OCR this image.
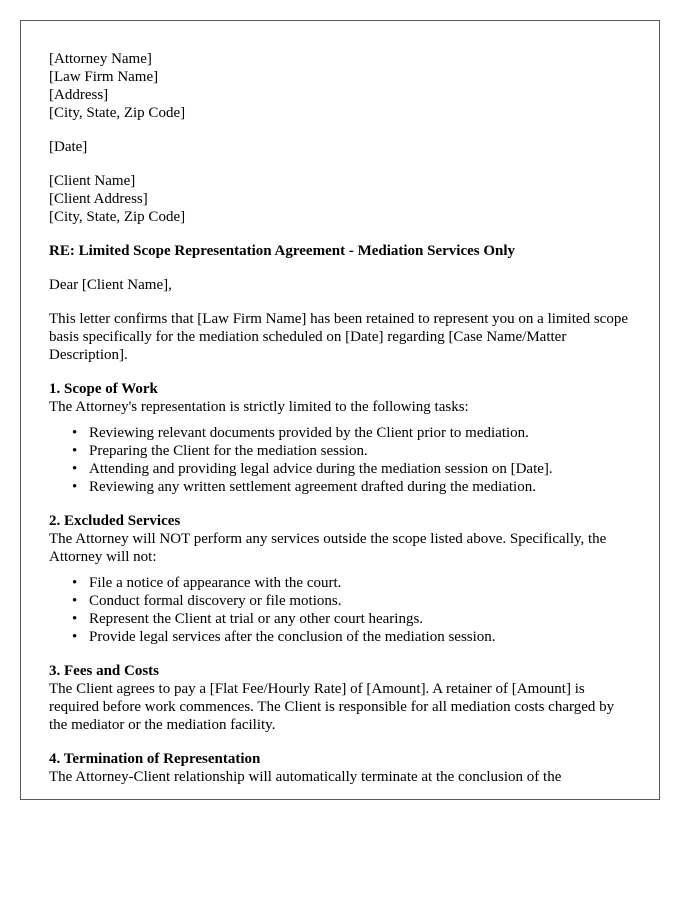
[Attorney Name]
[Law Firm Name]
[Address]
[City, State, Zip Code]
[Date]
[Client Name]
[Client Address]
[City, State, Zip Code]
RE: Limited Scope Representation Agreement - Mediation Services Only
Dear [Client Name],
This letter confirms that [Law Firm Name] has been retained to represent you on a limited scope basis specifically for the mediation scheduled on [Date] regarding [Case Name/Matter Description].
1. Scope of Work
The Attorney's representation is strictly limited to the following tasks:
• Reviewing relevant documents provided by the Client prior to mediation.
• Preparing the Client for the mediation session.
• Attending and providing legal advice during the mediation session on [Date].
• Reviewing any written settlement agreement drafted during the mediation.
2. Excluded Services
The Attorney will NOT perform any services outside the scope listed above. Specifically, the Attorney will not:
• File a notice of appearance with the court.
• Conduct formal discovery or file motions.
• Represent the Client at trial or any other court hearings.
• Provide legal services after the conclusion of the mediation session.
3. Fees and Costs
The Client agrees to pay a [Flat Fee/Hourly Rate] of [Amount]. A retainer of [Amount] is required before work commences. The Client is responsible for all mediation costs charged by the mediator or the mediation facility.
4. Termination of Representation
The Attorney-Client relationship will automatically terminate at the conclusion of the
